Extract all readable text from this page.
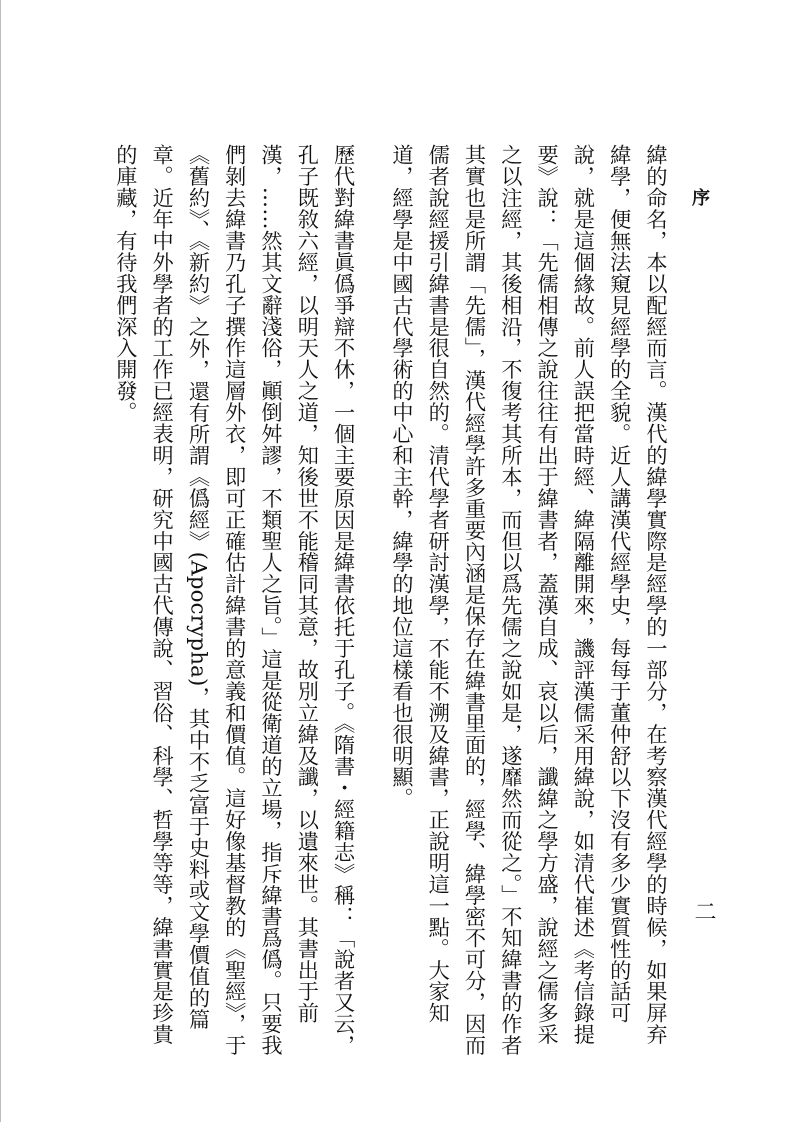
序

緯的命名，本以配經而言。漢代的緯學實際是經學的一部分，在考察漢代經學的時候，如果屏弃緯學，便無法窺見經學的全貌。近人講漢代經學史，每每于董仲舒以下沒有多少實質性的話可說，就是這個緣故。前人誤把當時經、緯隔離開來，譏評漢儒采用緯說，如清代崔述《考信錄提要》說：「先儒相傳之說往往有出于緯書者，蓋漢自成、哀以后，讖緯之學方盛，說經之儒多采之以注經，其後相沿，不復考其所本，而但以爲先儒之說如是，遂靡然而從之。」不知緯書的作者其實也是所謂「先儒」，漢代經學許多重要內涵是保存在緯書里面的，經學、緯學密不可分，因而儒者說經援引緯書是很自然的。清代學者研討漢學，不能不溯及緯書，正說明這一點。大家知道，經學是中國古代學術的中心和主幹，緯學的地位這樣看也很明顯。

歷代對緯書眞僞爭辯不休，一個主要原因是緯書依托于孔子。《隋書・經籍志》稱：「說者又云，孔子既敘六經，以明天人之道，知後世不能稽同其意，故別立緯及讖，以遺來世。其書出于前漢，……然其文辭淺俗，顚倒舛謬，不類聖人之旨。」這是從衛道的立場，指斥緯書爲僞。只要我們剝去緯書乃孔子撰作這層外衣，即可正確估計緯書的意義和價值。這好像基督教的《聖經》，于《舊約》、《新約》之外，還有所謂《僞經》(Apocrypha)，其中不乏富于史料或文學價值的篇章。近年中外學者的工作已經表明，研究中國古代傳說、習俗、科學、哲學等等，緯書實是珍貴的庫藏，有待我們深入開發。

二
